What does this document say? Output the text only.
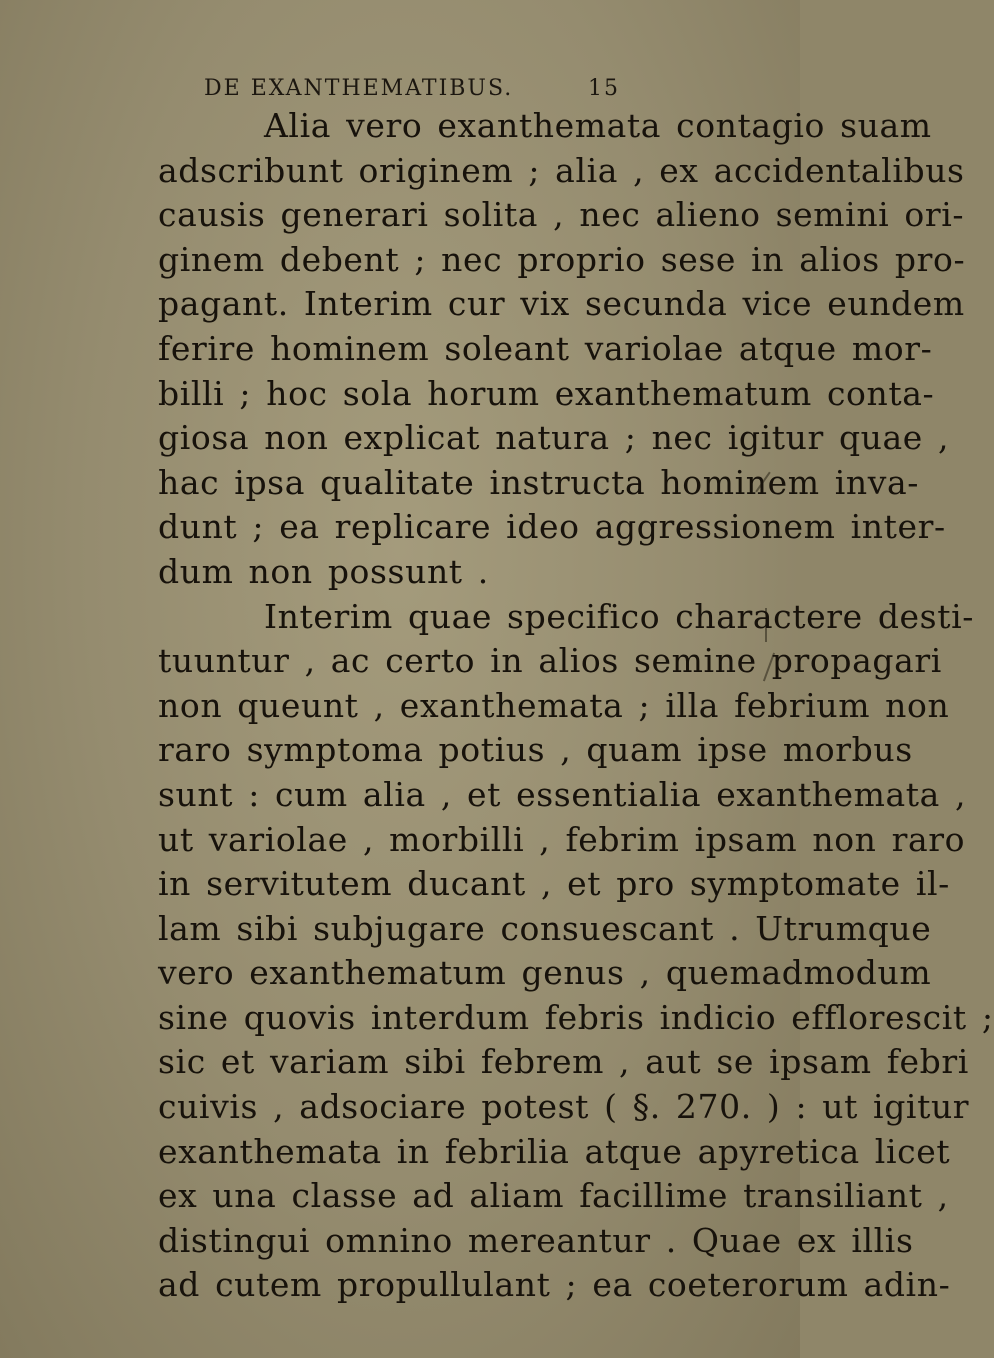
DE EXANTHEMATIBUS.	15
Alia vero exanthemata contagio suam
adscribunt originem ; alia , ex accidentalibus
causis generari solita , nec alieno semini ori-
ginem debent ; nec proprio sese in alios pro-
pagant. Interim cur vix secunda vice eundem
ferire hominem soleant variolae atque mor-
billi ; hoc sola horum exanthematum conta-
giosa non explicat natura ; nec igitur quae ,
hac ipsa qualitate instructa hominem inva-
dunt ; ea replicare ideo aggressionem inter-
dum non possunt .
Interim quae specifico charactere desti-
tuuntur , ac certo in alios semine propagari
non queunt , exanthemata ; illa febrium non
raro symptoma potius , quam ipse morbus
sunt : cum alia , et essentialia exanthemata ,
ut variolae , morbilli , febrim ipsam non raro
in servitutem ducant , et pro symptomate il-
lam sibi subjugare consuescant . Utrumque
vero exanthematum genus , quemadmodum
sine quovis interdum febris indicio efflorescit ;
sic et variam sibi febrem , aut se ipsam febri
cuivis , adsociare potest ( §. 270. ) : ut igitur
exanthemata in febrilia atque apyretica licet
ex una classe ad aliam facillime transiliant ,
distingui omnino mereantur . Quae ex illis
ad cutem propullulant ; ea coeterorum adin-
